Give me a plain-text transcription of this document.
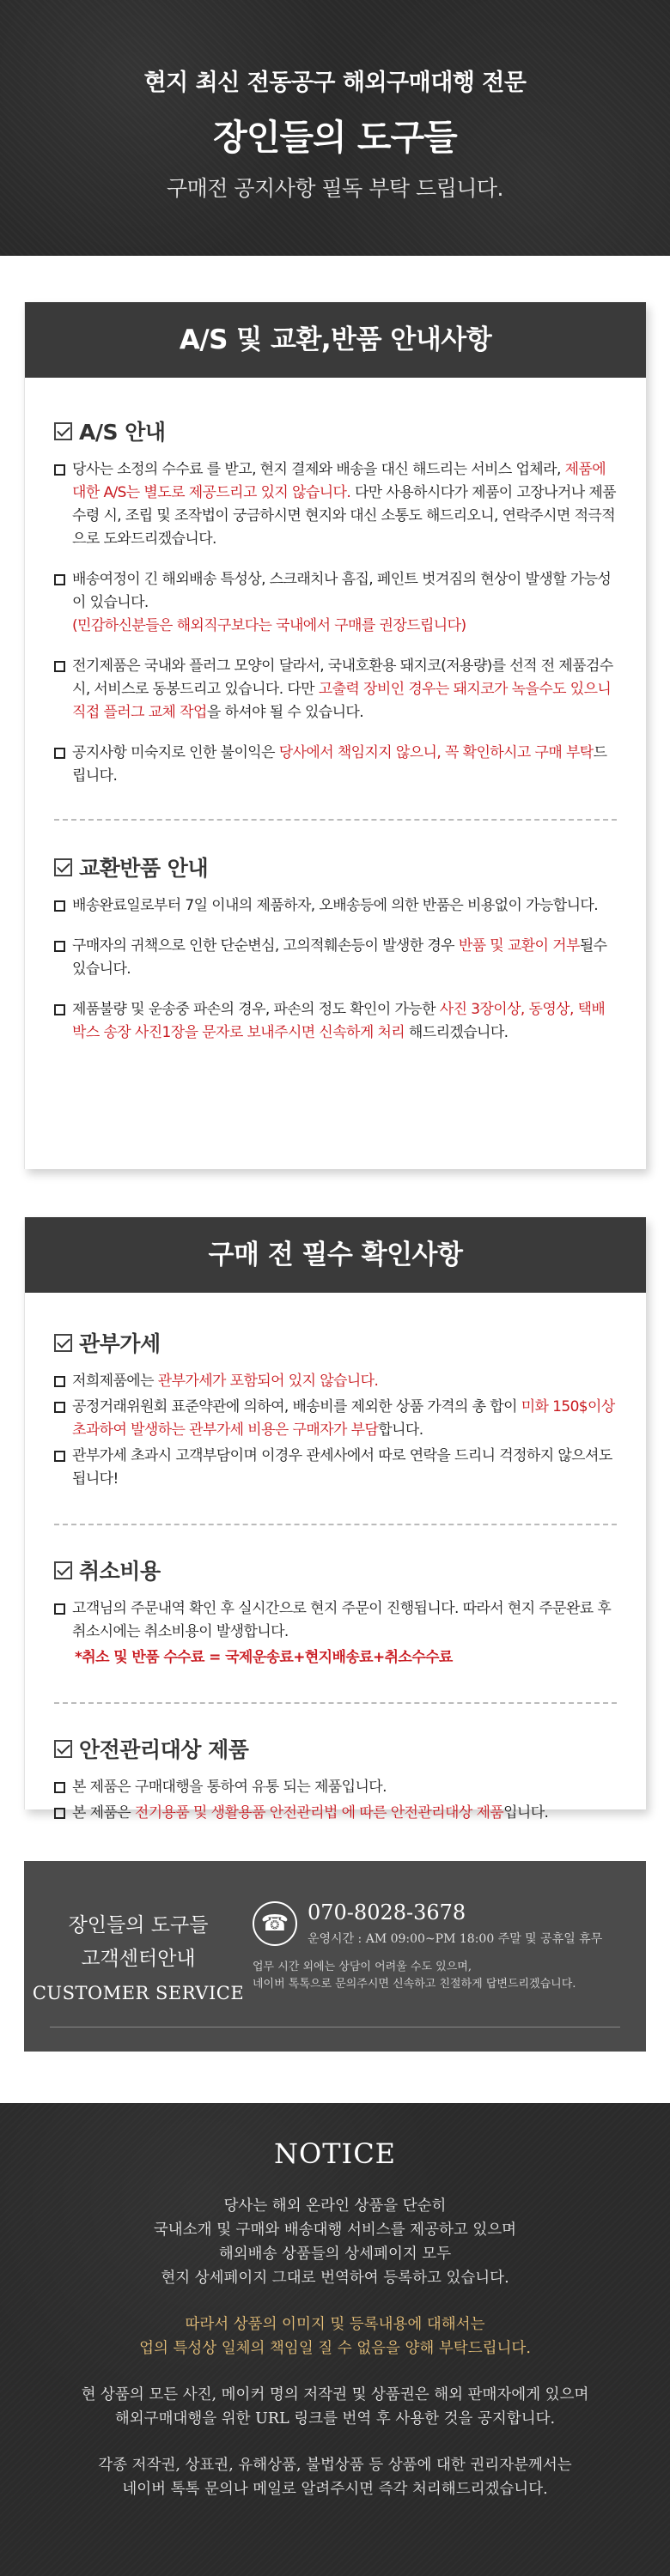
현지 최신 전동공구 해외구매대행 전문
장인들의 도구들
구매전 공지사항 필독 부탁 드립니다.
A/S 및 교환,반품 안내사항
A/S 안내
당사는 소정의 수수료 를 받고, 현지 결제와 배송을 대신 해드리는 서비스 업체라, 제품에 대한 A/S는 별도로 제공드리고 있지 않습니다. 다만 사용하시다가 제품이 고장나거나 제품 수령 시, 조립 및 조작법이 궁금하시면 현지와 대신 소통도 해드리오니, 연락주시면 적극적으로 도와드리겠습니다.
배송여정이 긴 해외배송 특성상, 스크래치나 흠집, 페인트 벗겨짐의 현상이 발생할 가능성이 있습니다.
(민감하신분들은 해외직구보다는 국내에서 구매를 권장드립니다)
전기제품은 국내와 플러그 모양이 달라서, 국내호환용 돼지코(저용량)를 선적 전 제품검수 시, 서비스로 동봉드리고 있습니다. 다만 고출력 장비인 경우는 돼지코가 녹을수도 있으니 직접 플러그 교체 작업을 하셔야 될 수 있습니다.
공지사항 미숙지로 인한 불이익은 당사에서 책임지지 않으니, 꼭 확인하시고 구매 부탁드립니다.
교환반품 안내
배송완료일로부터 7일 이내의 제품하자, 오배송등에 의한 반품은 비용없이 가능합니다.
구매자의 귀책으로 인한 단순변심, 고의적훼손등이 발생한 경우 반품 및 교환이 거부될수 있습니다.
제품불량 및 운송중 파손의 경우, 파손의 정도 확인이 가능한 사진 3장이상, 동영상, 택배박스 송장 사진1장을 문자로 보내주시면 신속하게 처리 해드리겠습니다.
구매 전 필수 확인사항
관부가세
저희제품에는 관부가세가 포함되어 있지 않습니다.
공정거래위원회 표준약관에 의하여, 배송비를 제외한 상품 가격의 총 합이 미화 150$이상 초과하여 발생하는 관부가세 비용은 구매자가 부담합니다.
관부가세 초과시 고객부담이며 이경우 관세사에서 따로 연락을 드리니 걱정하지 않으셔도 됩니다!
취소비용
고객님의 주문내역 확인 후 실시간으로 현지 주문이 진행됩니다. 따라서 현지 주문완료 후 취소시에는 취소비용이 발생합니다.
*취소 및 반품 수수료 = 국제운송료+현지배송료+취소수수료
안전관리대상 제품
본 제품은 구매대행을 통하여 유통 되는 제품입니다.
본 제품은 전기용품 및 생활용품 안전관리법 에 따른 안전관리대상 제품입니다.
장인들의 도구들
고객센터안내
CUSTOMER SERVICE
☎ 070-8028-3678
운영시간 : AM 09:00~PM 18:00 주말 및 공휴일 휴무
업무 시간 외에는 상담이 어려울 수도 있으며,
네이버 톡톡으로 문의주시면 신속하고 친절하게 답변드리겠습니다.
NOTICE
당사는 해외 온라인 상품을 단순히
국내소개 및 구매와 배송대행 서비스를 제공하고 있으며
해외배송 상품들의 상세페이지 모두
현지 상세페이지 그대로 번역하여 등록하고 있습니다.
따라서 상품의 이미지 및 등록내용에 대해서는
업의 특성상 일체의 책임일 질 수 없음을 양해 부탁드립니다.
현 상품의 모든 사진, 메이커 명의 저작권 및 상품권은 해외 판매자에게 있으며
해외구매대행을 위한 URL 링크를 번역 후 사용한 것을 공지합니다.
각종 저작권, 상표권, 유해상품, 불법상품 등 상품에 대한 권리자분께서는
네이버 톡톡 문의나 메일로 알려주시면 즉각 처리해드리겠습니다.
